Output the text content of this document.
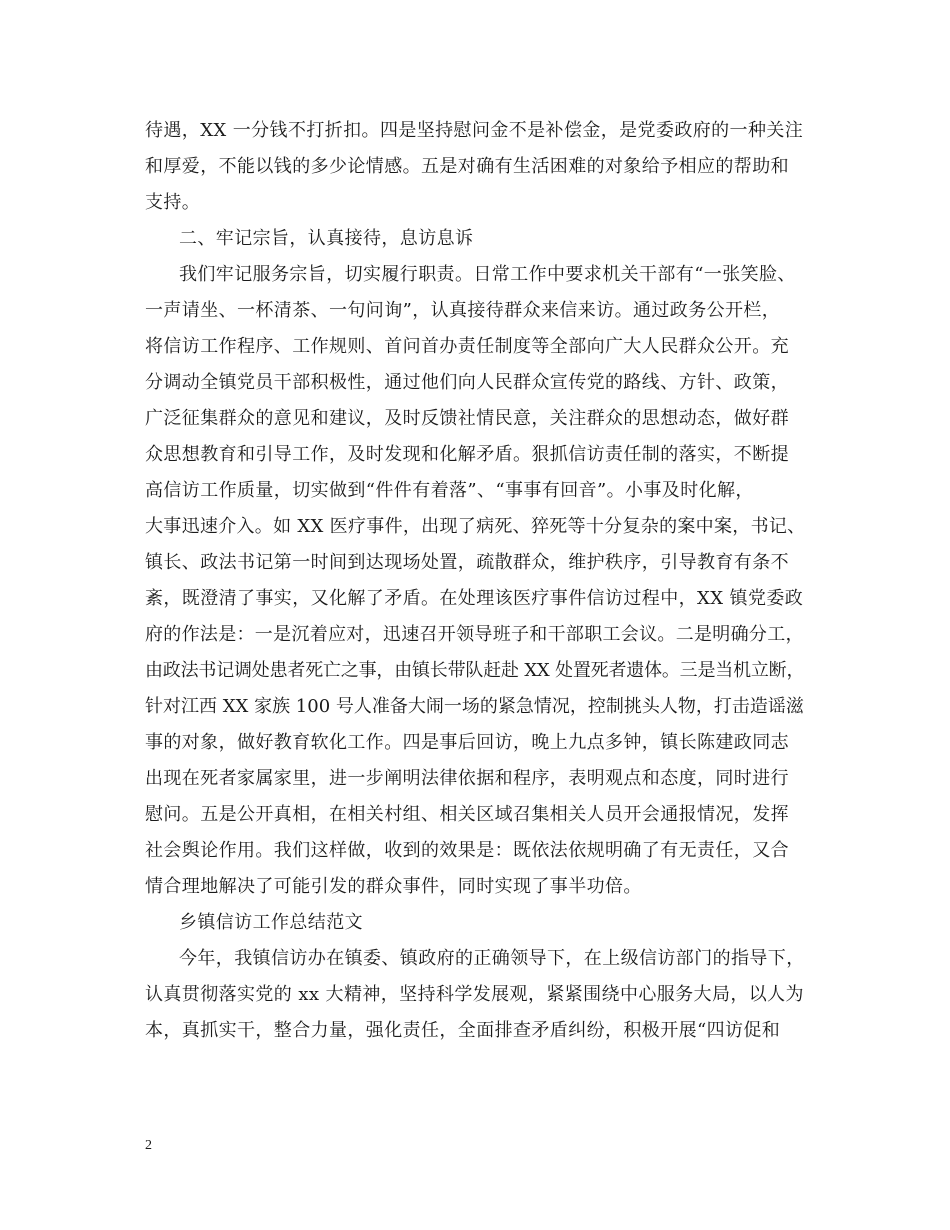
待遇，XX 一分钱不打折扣。四是坚持慰问金不是补偿金，是党委政府的一种关注
和厚爱，不能以钱的多少论情感。五是对确有生活困难的对象给予相应的帮助和
支持。
二、牢记宗旨，认真接待，息访息诉
我们牢记服务宗旨，切实履行职责。日常工作中要求机关干部有“一张笑脸、
一声请坐、一杯清茶、一句问询”，认真接待群众来信来访。通过政务公开栏，
将信访工作程序、工作规则、首问首办责任制度等全部向广大人民群众公开。充
分调动全镇党员干部积极性，通过他们向人民群众宣传党的路线、方针、政策，
广泛征集群众的意见和建议，及时反馈社情民意，关注群众的思想动态，做好群
众思想教育和引导工作，及时发现和化解矛盾。狠抓信访责任制的落实，不断提
高信访工作质量，切实做到“件件有着落”、“事事有回音”。小事及时化解，
大事迅速介入。如 XX 医疗事件，出现了病死、猝死等十分复杂的案中案，书记、
镇长、政法书记第一时间到达现场处置，疏散群众，维护秩序，引导教育有条不
紊，既澄清了事实，又化解了矛盾。在处理该医疗事件信访过程中，XX 镇党委政
府的作法是：一是沉着应对，迅速召开领导班子和干部职工会议。二是明确分工，
由政法书记调处患者死亡之事，由镇长带队赶赴 XX 处置死者遗体。三是当机立断，
针对江西 XX 家族 100 号人准备大闹一场的紧急情况，控制挑头人物，打击造谣滋
事的对象，做好教育软化工作。四是事后回访，晚上九点多钟，镇长陈建政同志
出现在死者家属家里，进一步阐明法律依据和程序，表明观点和态度，同时进行
慰问。五是公开真相，在相关村组、相关区域召集相关人员开会通报情况，发挥
社会舆论作用。我们这样做，收到的效果是：既依法依规明确了有无责任，又合
情合理地解决了可能引发的群众事件，同时实现了事半功倍。
乡镇信访工作总结范文
今年，我镇信访办在镇委、镇政府的正确领导下，在上级信访部门的指导下，
认真贯彻落实党的 xx 大精神，坚持科学发展观，紧紧围绕中心服务大局，以人为
本，真抓实干，整合力量，强化责任，全面排查矛盾纠纷，积极开展“四访促和
2
